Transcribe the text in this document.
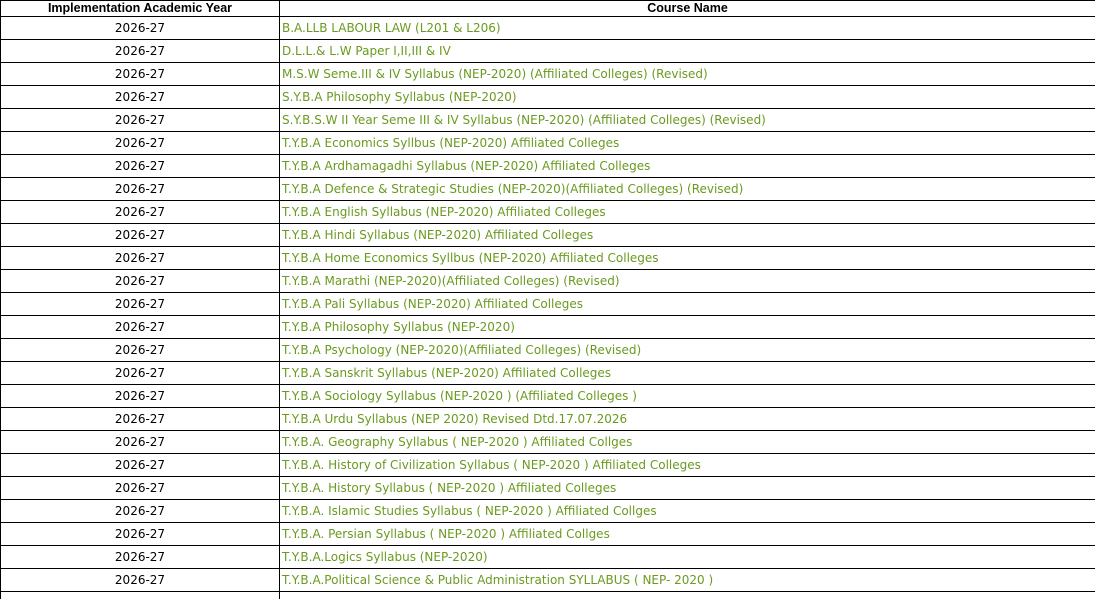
Implementation Academic Year	Course Name
2026-27	B.A.LLB LABOUR LAW (L201 & L206)
2026-27	D.L.L.& L.W Paper I,II,III & IV
2026-27	M.S.W Seme.III & IV Syllabus (NEP-2020) (Affiliated Colleges) (Revised)
2026-27	S.Y.B.A Philosophy Syllabus (NEP-2020)
2026-27	S.Y.B.S.W II Year Seme III & IV Syllabus (NEP-2020) (Affiliated Colleges) (Revised)
2026-27	T.Y.B.A Economics Syllbus (NEP-2020) Affiliated Colleges
2026-27	T.Y.B.A Ardhamagadhi Syllabus (NEP-2020) Affiliated Colleges
2026-27	T.Y.B.A Defence & Strategic Studies (NEP-2020)(Affiliated Colleges) (Revised)
2026-27	T.Y.B.A English Syllabus (NEP-2020) Affiliated Colleges
2026-27	T.Y.B.A Hindi Syllabus (NEP-2020) Affiliated Colleges
2026-27	T.Y.B.A Home Economics Syllbus (NEP-2020) Affiliated Colleges
2026-27	T.Y.B.A Marathi (NEP-2020)(Affiliated Colleges) (Revised)
2026-27	T.Y.B.A Pali Syllabus (NEP-2020) Affiliated Colleges
2026-27	T.Y.B.A Philosophy Syllabus (NEP-2020)
2026-27	T.Y.B.A Psychology (NEP-2020)(Affiliated Colleges) (Revised)
2026-27	T.Y.B.A Sanskrit Syllabus (NEP-2020) Affiliated Colleges
2026-27	T.Y.B.A Sociology Syllabus (NEP-2020 ) (Affiliated Colleges )
2026-27	T.Y.B.A Urdu Syllabus (NEP 2020) Revised Dtd.17.07.2026
2026-27	T.Y.B.A. Geography Syllabus ( NEP-2020 ) Affiliated Collges
2026-27	T.Y.B.A. History of Civilization Syllabus ( NEP-2020 ) Affiliated Colleges
2026-27	T.Y.B.A. History Syllabus ( NEP-2020 ) Affiliated Colleges
2026-27	T.Y.B.A. Islamic Studies Syllabus ( NEP-2020 ) Affiliated Collges
2026-27	T.Y.B.A. Persian Syllabus ( NEP-2020 ) Affiliated Collges
2026-27	T.Y.B.A.Logics Syllabus (NEP-2020)
2026-27	T.Y.B.A.Political Science & Public Administration SYLLABUS ( NEP- 2020 )
